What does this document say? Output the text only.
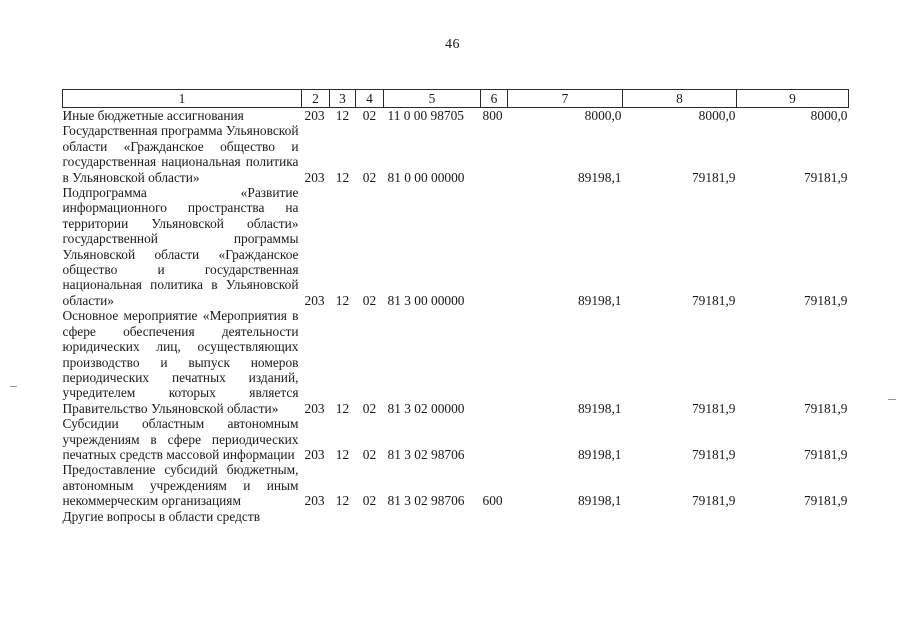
46
1	2	3	4	5	6	7	8	9
Иные бюджетные ассигнования	203	12	02	11 0 00 98705	800	8000,0	8000,0	8000,0
Государственная программа Ульяновской области «Гражданское общество и государственная национальная политика в Ульяновской области»	203	12	02	81 0 00 00000		89198,1	79181,9	79181,9
Подпрограмма «Развитие информационного пространства на территории Ульяновской области» государственной программы Ульяновской области «Гражданское общество и государственная национальная политика в Ульяновской области»	203	12	02	81 3 00 00000		89198,1	79181,9	79181,9
Основное мероприятие «Мероприятия в сфере обеспечения деятельности юридических лиц, осуществляющих производство и выпуск номеров периодических печатных изданий, учредителем которых является Правительство Ульяновской области»	203	12	02	81 3 02 00000		89198,1	79181,9	79181,9
Субсидии областным автономным учреждениям в сфере периодических печатных средств массовой информации	203	12	02	81 3 02 98706		89198,1	79181,9	79181,9
Предоставление субсидий бюджетным, автономным учреждениям и иным некоммерческим организациям	203	12	02	81 3 02 98706	600	89198,1	79181,9	79181,9
Другие вопросы в области средств								
